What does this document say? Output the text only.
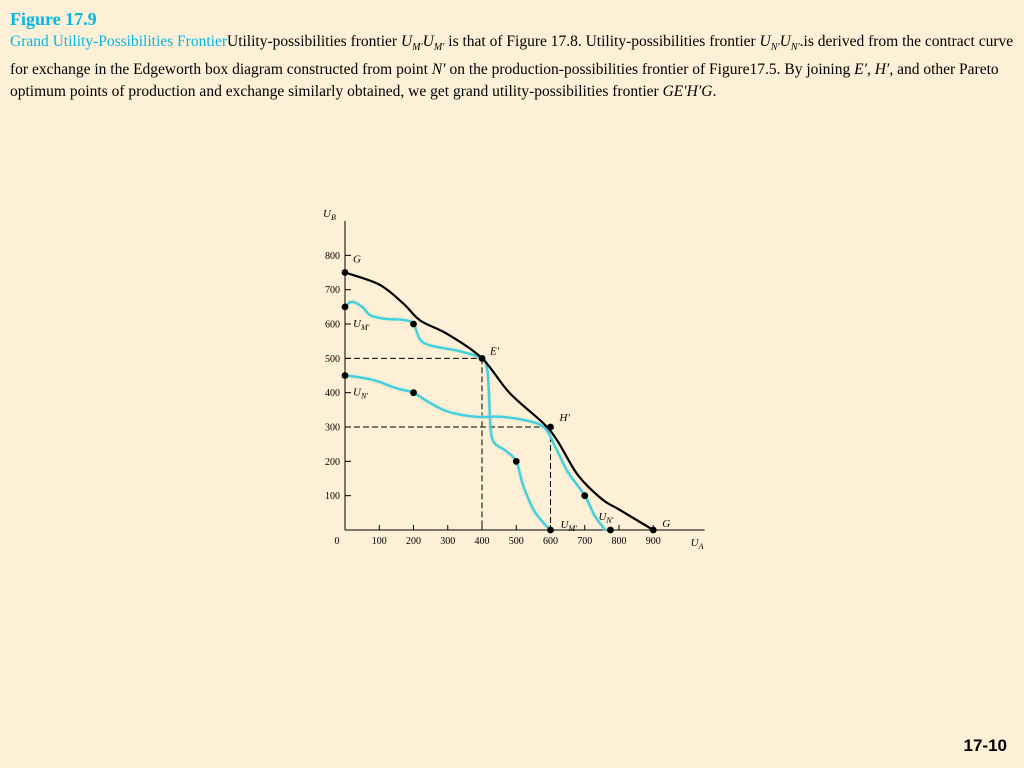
Figure 17.9
Grand Utility-Possibilities FrontierUtility-possibilities frontier $U_{M'}U_{M'}$ is that of Figure 17.8. Utility-possibilities frontier $U_{N'}U_{N'}.is$ derived from the contract curve for exchange in the Edgeworth box diagram constructed from point N′ on the production-possibilities frontier of Figure17.5. By joining E′, H′, and other Pareto optimum points of production and exchange similarly obtained, we get grand utility-possibilities frontier GE′H′G.
0	100 200 300 400 500 600 700 800 900
100
200
300
400
500
600
700
800
$U_A$
$U_B$
G
$U_{M'}$
$U_{N'}$
E′
H′
$U_{M'}$
$U_{N'}$	G
17-10
